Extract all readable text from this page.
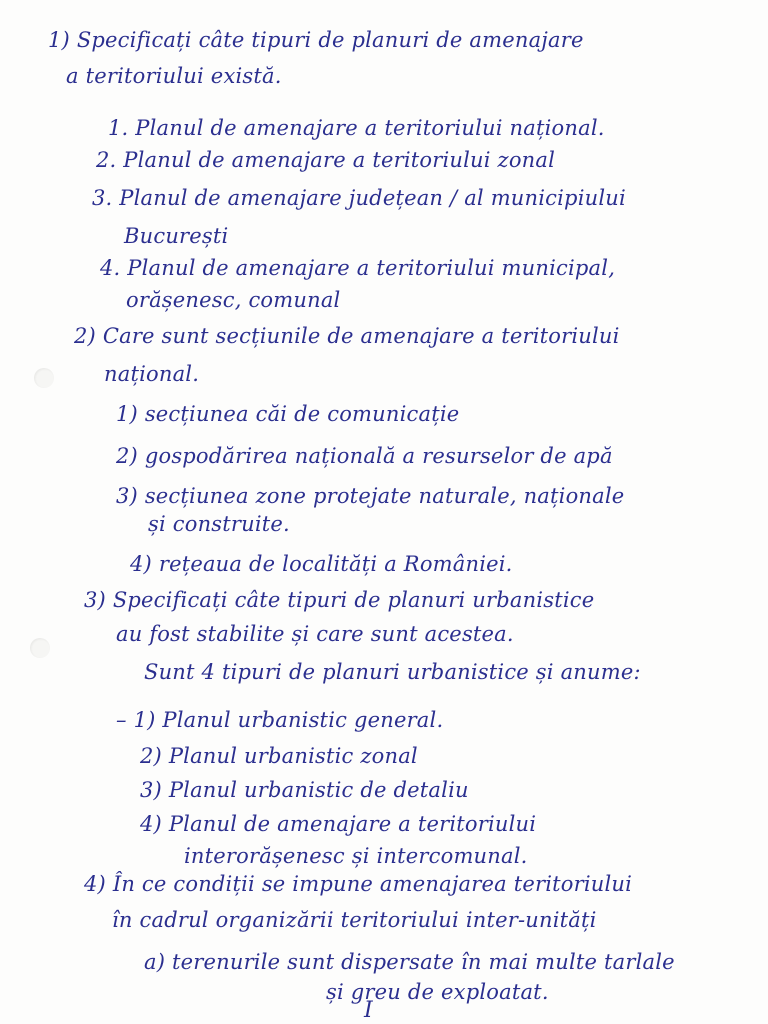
1) Specificați câte tipuri de planuri de amenajare
a teritoriului există.
1. Planul de amenajare a teritoriului național.
2. Planul de amenajare a teritoriului zonal
3. Planul de amenajare județean / al municipiului
București
4. Planul de amenajare a teritoriului municipal,
orășenesc, comunal
2) Care sunt secțiunile de amenajare a teritoriului
național.
1) secțiunea căi de comunicație
2) gospodărirea națională a resurselor de apă
3) secțiunea zone protejate naturale, naționale
și construite.
4) rețeaua de localități a României.
3) Specificați câte tipuri de planuri urbanistice
au fost stabilite și care sunt acestea.
Sunt 4 tipuri de planuri urbanistice și anume:
– 1) Planul urbanistic general.
2) Planul urbanistic zonal
3) Planul urbanistic de detaliu
4) Planul de amenajare a teritoriului
interorășenesc și intercomunal.
4) În ce condiții se impune amenajarea teritoriului
în cadrul organizării teritoriului inter-unități
a) terenurile sunt dispersate în mai multe tarlale
și greu de exploatat.
I
